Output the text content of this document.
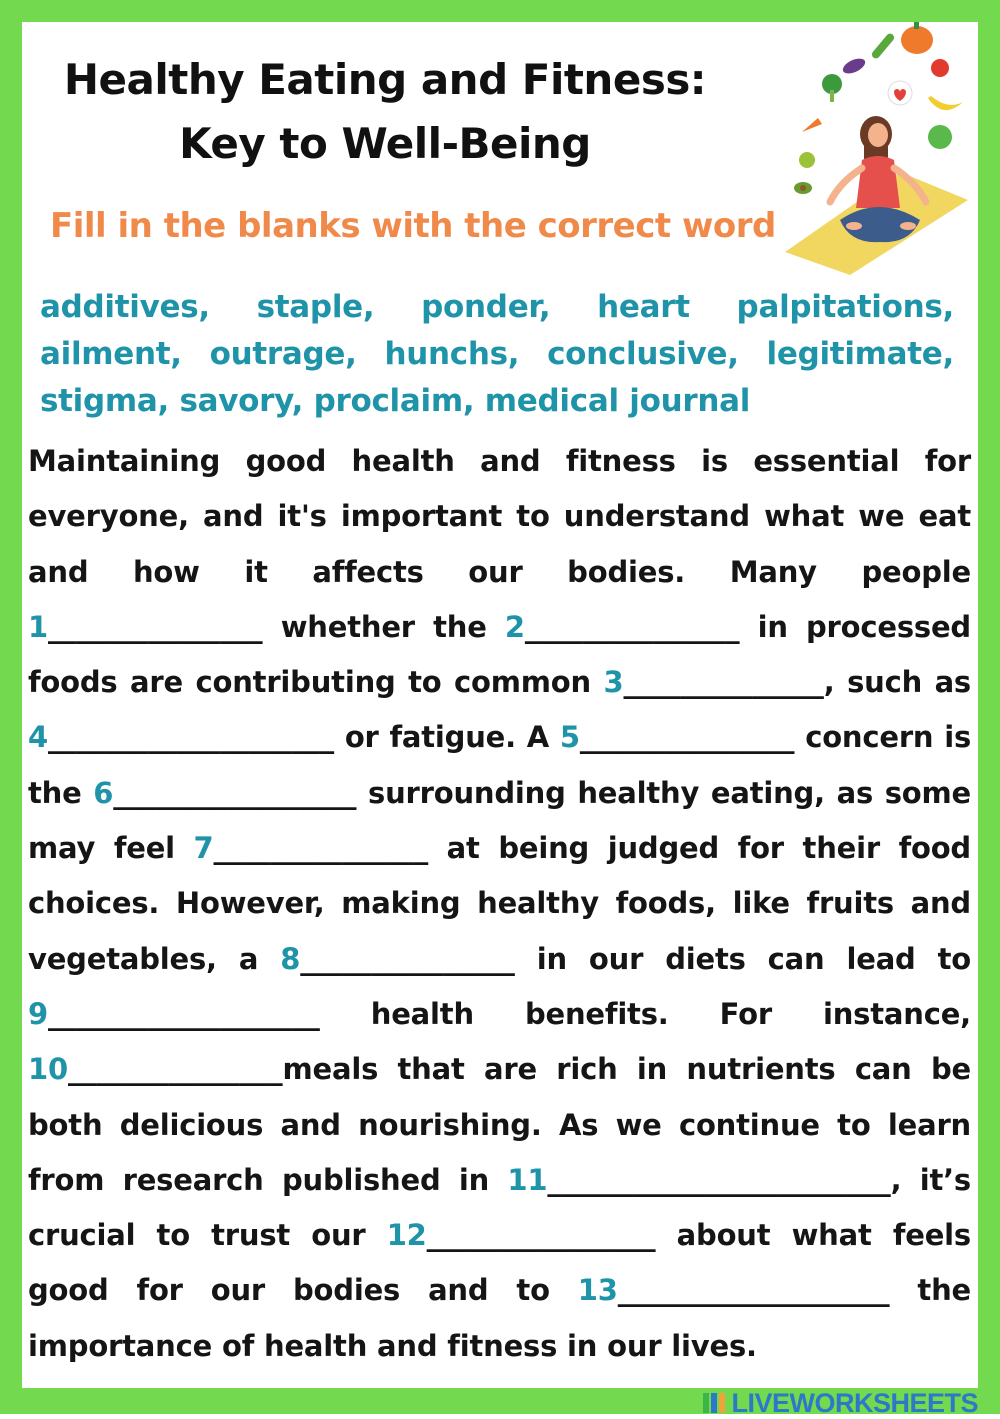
Healthy Eating and Fitness:
Key to Well-Being

Fill in the blanks with the correct word

additives, staple, ponder, heart palpitations, ailment, outrage, hunchs, conclusive, legitimate, stigma, savory, proclaim, medical journal
Maintaining good health and fitness is essential for everyone, and it's important to understand what we eat and how it affects our bodies. Many people 1_______________ whether the 2_______________ in processed foods are contributing to common 3______________, such as 4____________________ or fatigue. A 5_______________ concern is the 6_________________ surrounding healthy eating, as some may feel 7_______________ at being judged for their food choices. However, making healthy foods, like fruits and vegetables, a 8_______________ in our diets can lead to 9___________________ health benefits. For instance, 10_______________meals that are rich in nutrients can be both delicious and nourishing. As we continue to learn from research published in 11________________________, it’s crucial to trust our 12________________ about what feels good for our bodies and to 13___________________ the importance of health and fitness in our lives.
LIVEWORKSHEETS
